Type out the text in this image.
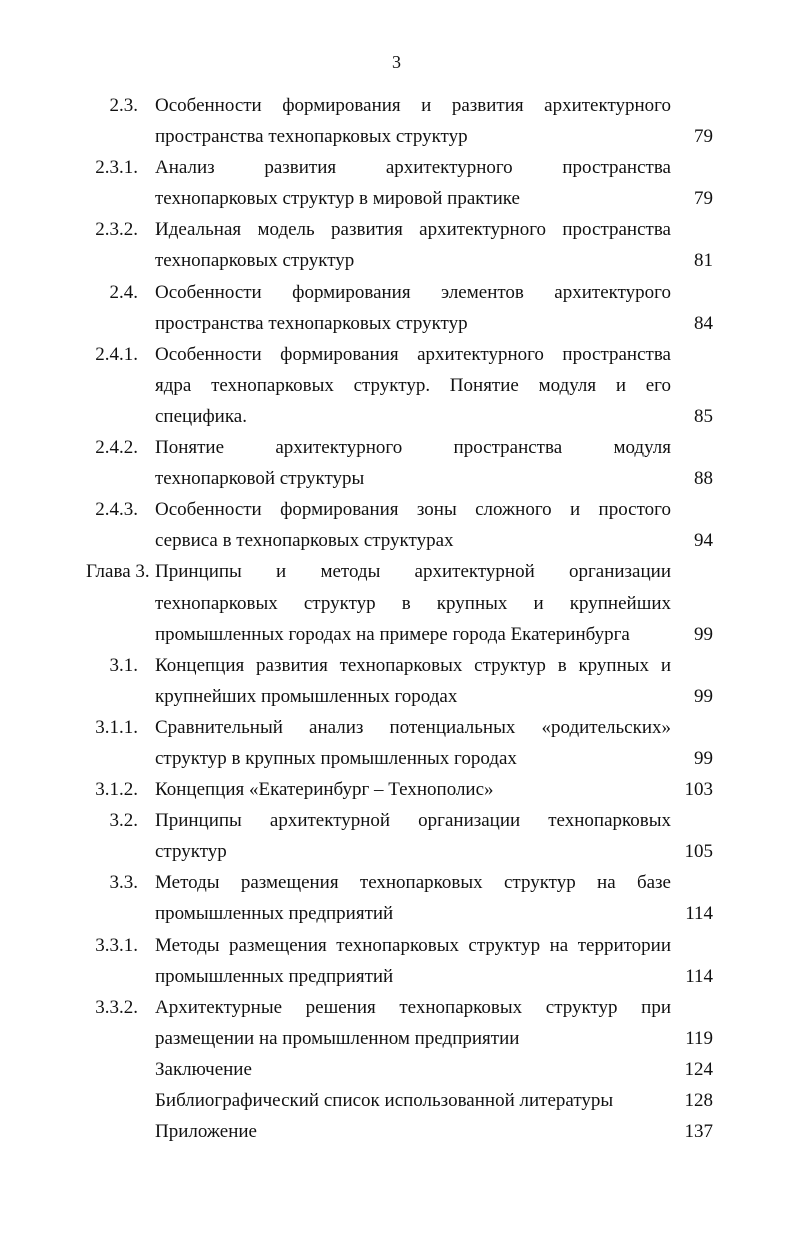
3
2.3. Особенности формирования и развития архитектурного
пространства технопарковых структур	79
2.3.1. Анализ развития архитектурного пространства
технопарковых структур в мировой практике	79
2.3.2. Идеальная модель развития архитектурного пространства
технопарковых структур	81
2.4. Особенности формирования элементов архитектурого
пространства технопарковых структур	84
2.4.1. Особенности формирования архитектурного пространства
ядра технопарковых структур. Понятие модуля и его
специфика.	85
2.4.2. Понятие архитектурного пространства модуля
технопарковой структуры	88
2.4.3. Особенности формирования зоны сложного и простого
сервиса в технопарковых структурах	94
Глава 3. Принципы и методы архитектурной организации
технопарковых структур в крупных и крупнейших
промышленных городах на примере города Екатеринбурга	99
3.1. Концепция развития технопарковых структур в крупных и
крупнейших промышленных городах	99
3.1.1. Сравнительный анализ потенциальных «родительских»
структур в крупных промышленных городах	99
3.1.2. Концепция «Екатеринбург – Технополис»	103
3.2. Принципы архитектурной организации технопарковых
структур	105
3.3. Методы размещения технопарковых структур на базе
промышленных предприятий	114
3.3.1. Методы размещения технопарковых структур на территории
промышленных предприятий	114
3.3.2. Архитектурные решения технопарковых структур при
размещении на промышленном предприятии	119
Заключение	124
Библиографический список использованной литературы	128
Приложение	137
